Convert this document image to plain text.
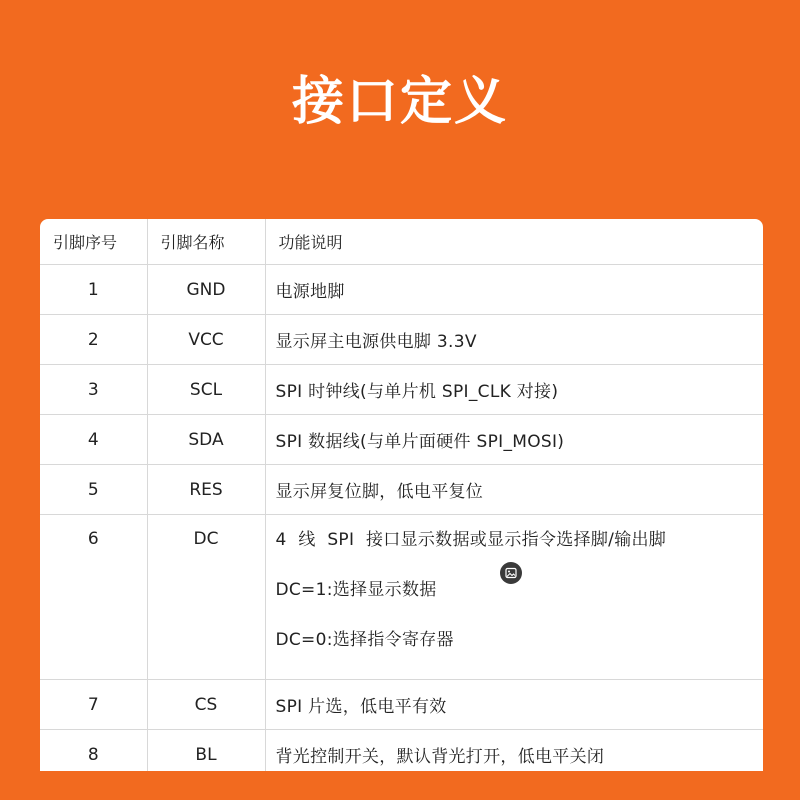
接口定义
引脚序号	引脚名称	功能说明
1	GND	电源地脚
2	VCC	显示屏主电源供电脚 3.3V
3	SCL	SPI 时钟线(与单片机 SPI_CLK 对接)
4	SDA	SPI 数据线(与单片面硬件 SPI_MOSI)
5	RES	显示屏复位脚，低电平复位
6	DC	4 线 SPI 接口显示数据或显示指令选择脚/输出脚
DC=1:选择显示数据
DC=0:选择指令寄存器

7	CS	SPI 片选，低电平有效
8	BL	背光控制开关，默认背光打开，低电平关闭
